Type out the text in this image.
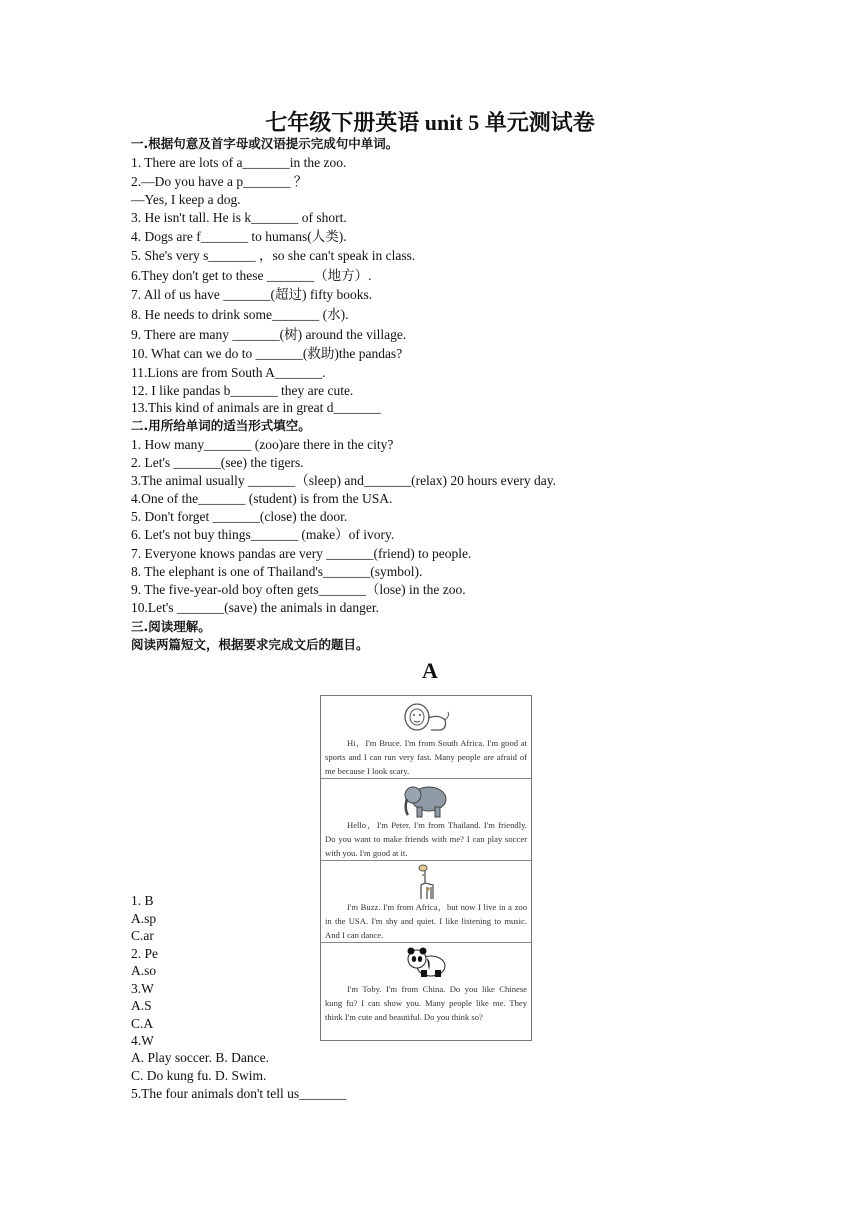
七年级下册英语 unit 5 单元测试卷
一.根据句意及首字母或汉语提示完成句中单词。
1. There are lots of a_______in the zoo.
2.—Do you have a p_______ ？
—Yes, I keep a dog.
3. He isn't tall. He is k_______ of short.
4. Dogs are f_______ to humans(人类).
5. She's very s_______ ，so she can't speak in class.
6.They don't get to these _______（地方）.
7. All of us have _______(超过) fifty books.
8. He needs to drink some_______ (水).
9. There are many _______(树) around the village.
10. What can we do to _______(救助)the pandas?
11.Lions are from South A_______.
12. I like pandas b_______ they are cute.
13.This kind of animals are in great d_______
二.用所给单词的适当形式填空。
1. How many_______ (zoo)are there in the city?
2. Let's _______(see) the tigers.
3.The animal usually _______（sleep) and_______(relax) 20 hours every day.
4.One of the_______ (student) is from the USA.
5. Don't forget _______(close) the door.
6. Let's not buy things_______ (make）of ivory.
7. Everyone knows pandas are very _______(friend) to people.
8. The elephant is one of Thailand's_______(symbol).
9. The five-year-old boy often gets_______（lose) in the zoo.
10.Let's _______(save) the animals in danger.
三.阅读理解。
阅读两篇短文，根据要求完成文后的题目。
A
1. B
A.sp
C.ar
2. Pe
A.so
3.W
A.S
C.A
4.W
A. Play soccer. B. Dance.
C. Do kung fu. D. Swim.
5.The four animals don't tell us_______
Hi，I'm Bruce. I'm from South Africa. I'm good at sports and I can run very fast. Many people are afraid of me because I look scary.
Hello，I'm Peter. I'm from Thailand. I'm friendly. Do you want to make friends with me? I can play soccer with you. I'm good at it.
I'm Buzz. I'm from Africa，but now I live in a zoo in the USA. I'm shy and quiet. I like listening to music. And I can dance.
I'm Toby. I'm from China. Do you like Chinese kung fu? I can show you. Many people like me. They think I'm cute and beautiful. Do you think so?
